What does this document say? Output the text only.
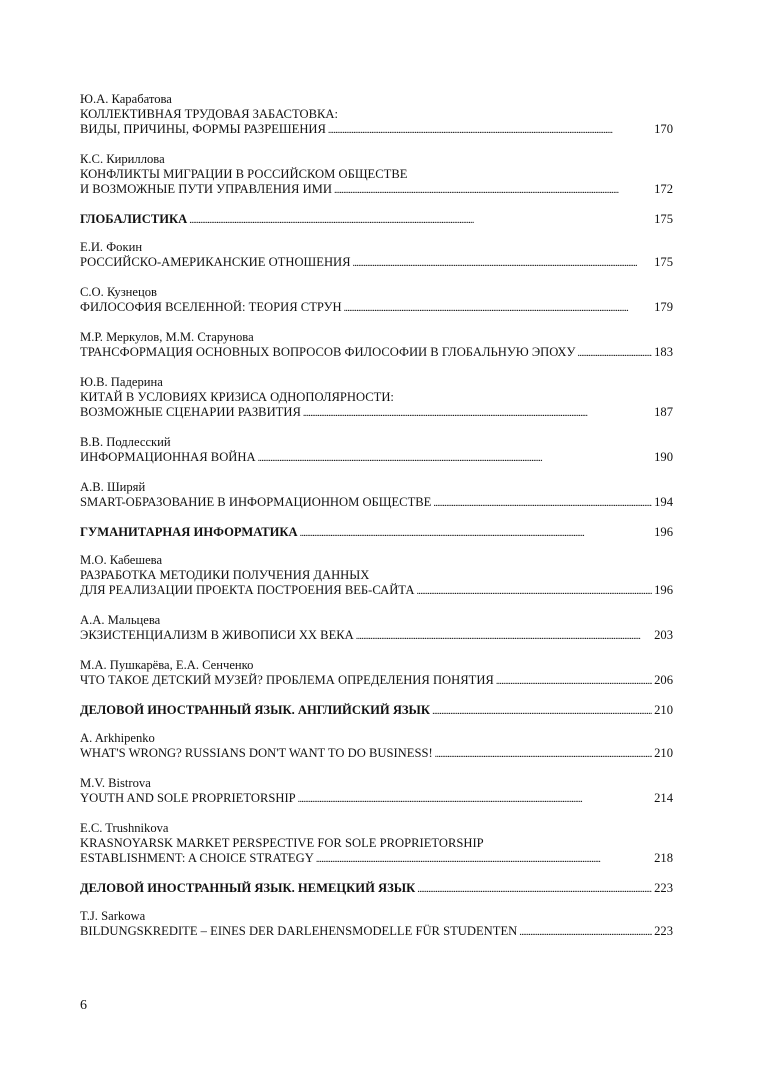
Ю.А. Карабатова
КОЛЛЕКТИВНАЯ ТРУДОВАЯ ЗАБАСТОВКА:
ВИДЫ, ПРИЧИНЫ, ФОРМЫ РАЗРЕШЕНИЯ . . .	170
К.С. Кириллова
КОНФЛИКТЫ МИГРАЦИИ В РОССИЙСКОМ ОБЩЕСТВЕ
И ВОЗМОЖНЫЕ ПУТИ УПРАВЛЕНИЯ ИМИ . . .	172
ГЛОБАЛИСТИКА . . .	175
Е.И. Фокин
РОССИЙСКО-АМЕРИКАНСКИЕ ОТНОШЕНИЯ . . .	175
С.О. Кузнецов
ФИЛОСОФИЯ ВСЕЛЕННОЙ: ТЕОРИЯ СТРУН . . .	179
М.Р. Меркулов, М.М. Старунова
ТРАНСФОРМАЦИЯ ОСНОВНЫХ ВОПРОСОВ ФИЛОСОФИИ В ГЛОБАЛЬНУЮ ЭПОХУ . . .	183
Ю.В. Падерина
КИТАЙ В УСЛОВИЯХ КРИЗИСА ОДНОПОЛЯРНОСТИ:
ВОЗМОЖНЫЕ СЦЕНАРИИ РАЗВИТИЯ . . .	187
В.В. Подлесский
ИНФОРМАЦИОННАЯ ВОЙНА . . .	190
А.В. Ширяй
SMART-ОБРАЗОВАНИЕ В ИНФОРМАЦИОННОМ ОБЩЕСТВЕ . . .	194
ГУМАНИТАРНАЯ ИНФОРМАТИКА . . .	196
М.О. Кабешева
РАЗРАБОТКА МЕТОДИКИ ПОЛУЧЕНИЯ ДАННЫХ
ДЛЯ РЕАЛИЗАЦИИ ПРОЕКТА ПОСТРОЕНИЯ ВЕБ-САЙТА . . .	196
А.А. Мальцева
ЭКЗИСТЕНЦИАЛИЗМ В ЖИВОПИСИ XX ВЕКА . . .	203
М.А. Пушкарёва, Е.А. Сенченко
ЧТО ТАКОЕ ДЕТСКИЙ МУЗЕЙ? ПРОБЛЕМА ОПРЕДЕЛЕНИЯ ПОНЯТИЯ . . .	206
ДЕЛОВОЙ ИНОСТРАННЫЙ ЯЗЫК. АНГЛИЙСКИЙ ЯЗЫК . . .	210
A. Arkhipenko
WHAT'S WRONG? RUSSIANS DON'T WANT TO DO BUSINESS! . . .	210
M.V. Bistrova
YOUTH AND SOLE PROPRIETORSHIP . . .	214
E.C. Trushnikova
KRASNOYARSK MARKET PERSPECTIVE FOR SOLE PROPRIETORSHIP
ESTABLISHMENT: A CHOICE STRATEGY . . .	218
ДЕЛОВОЙ ИНОСТРАННЫЙ ЯЗЫК. НЕМЕЦКИЙ ЯЗЫК . . .	223
T.J. Sarkowa
BILDUNGSKREDITE – EINES DER DARLEHENSMODELLE FÜR STUDENTEN . . .	223
6
